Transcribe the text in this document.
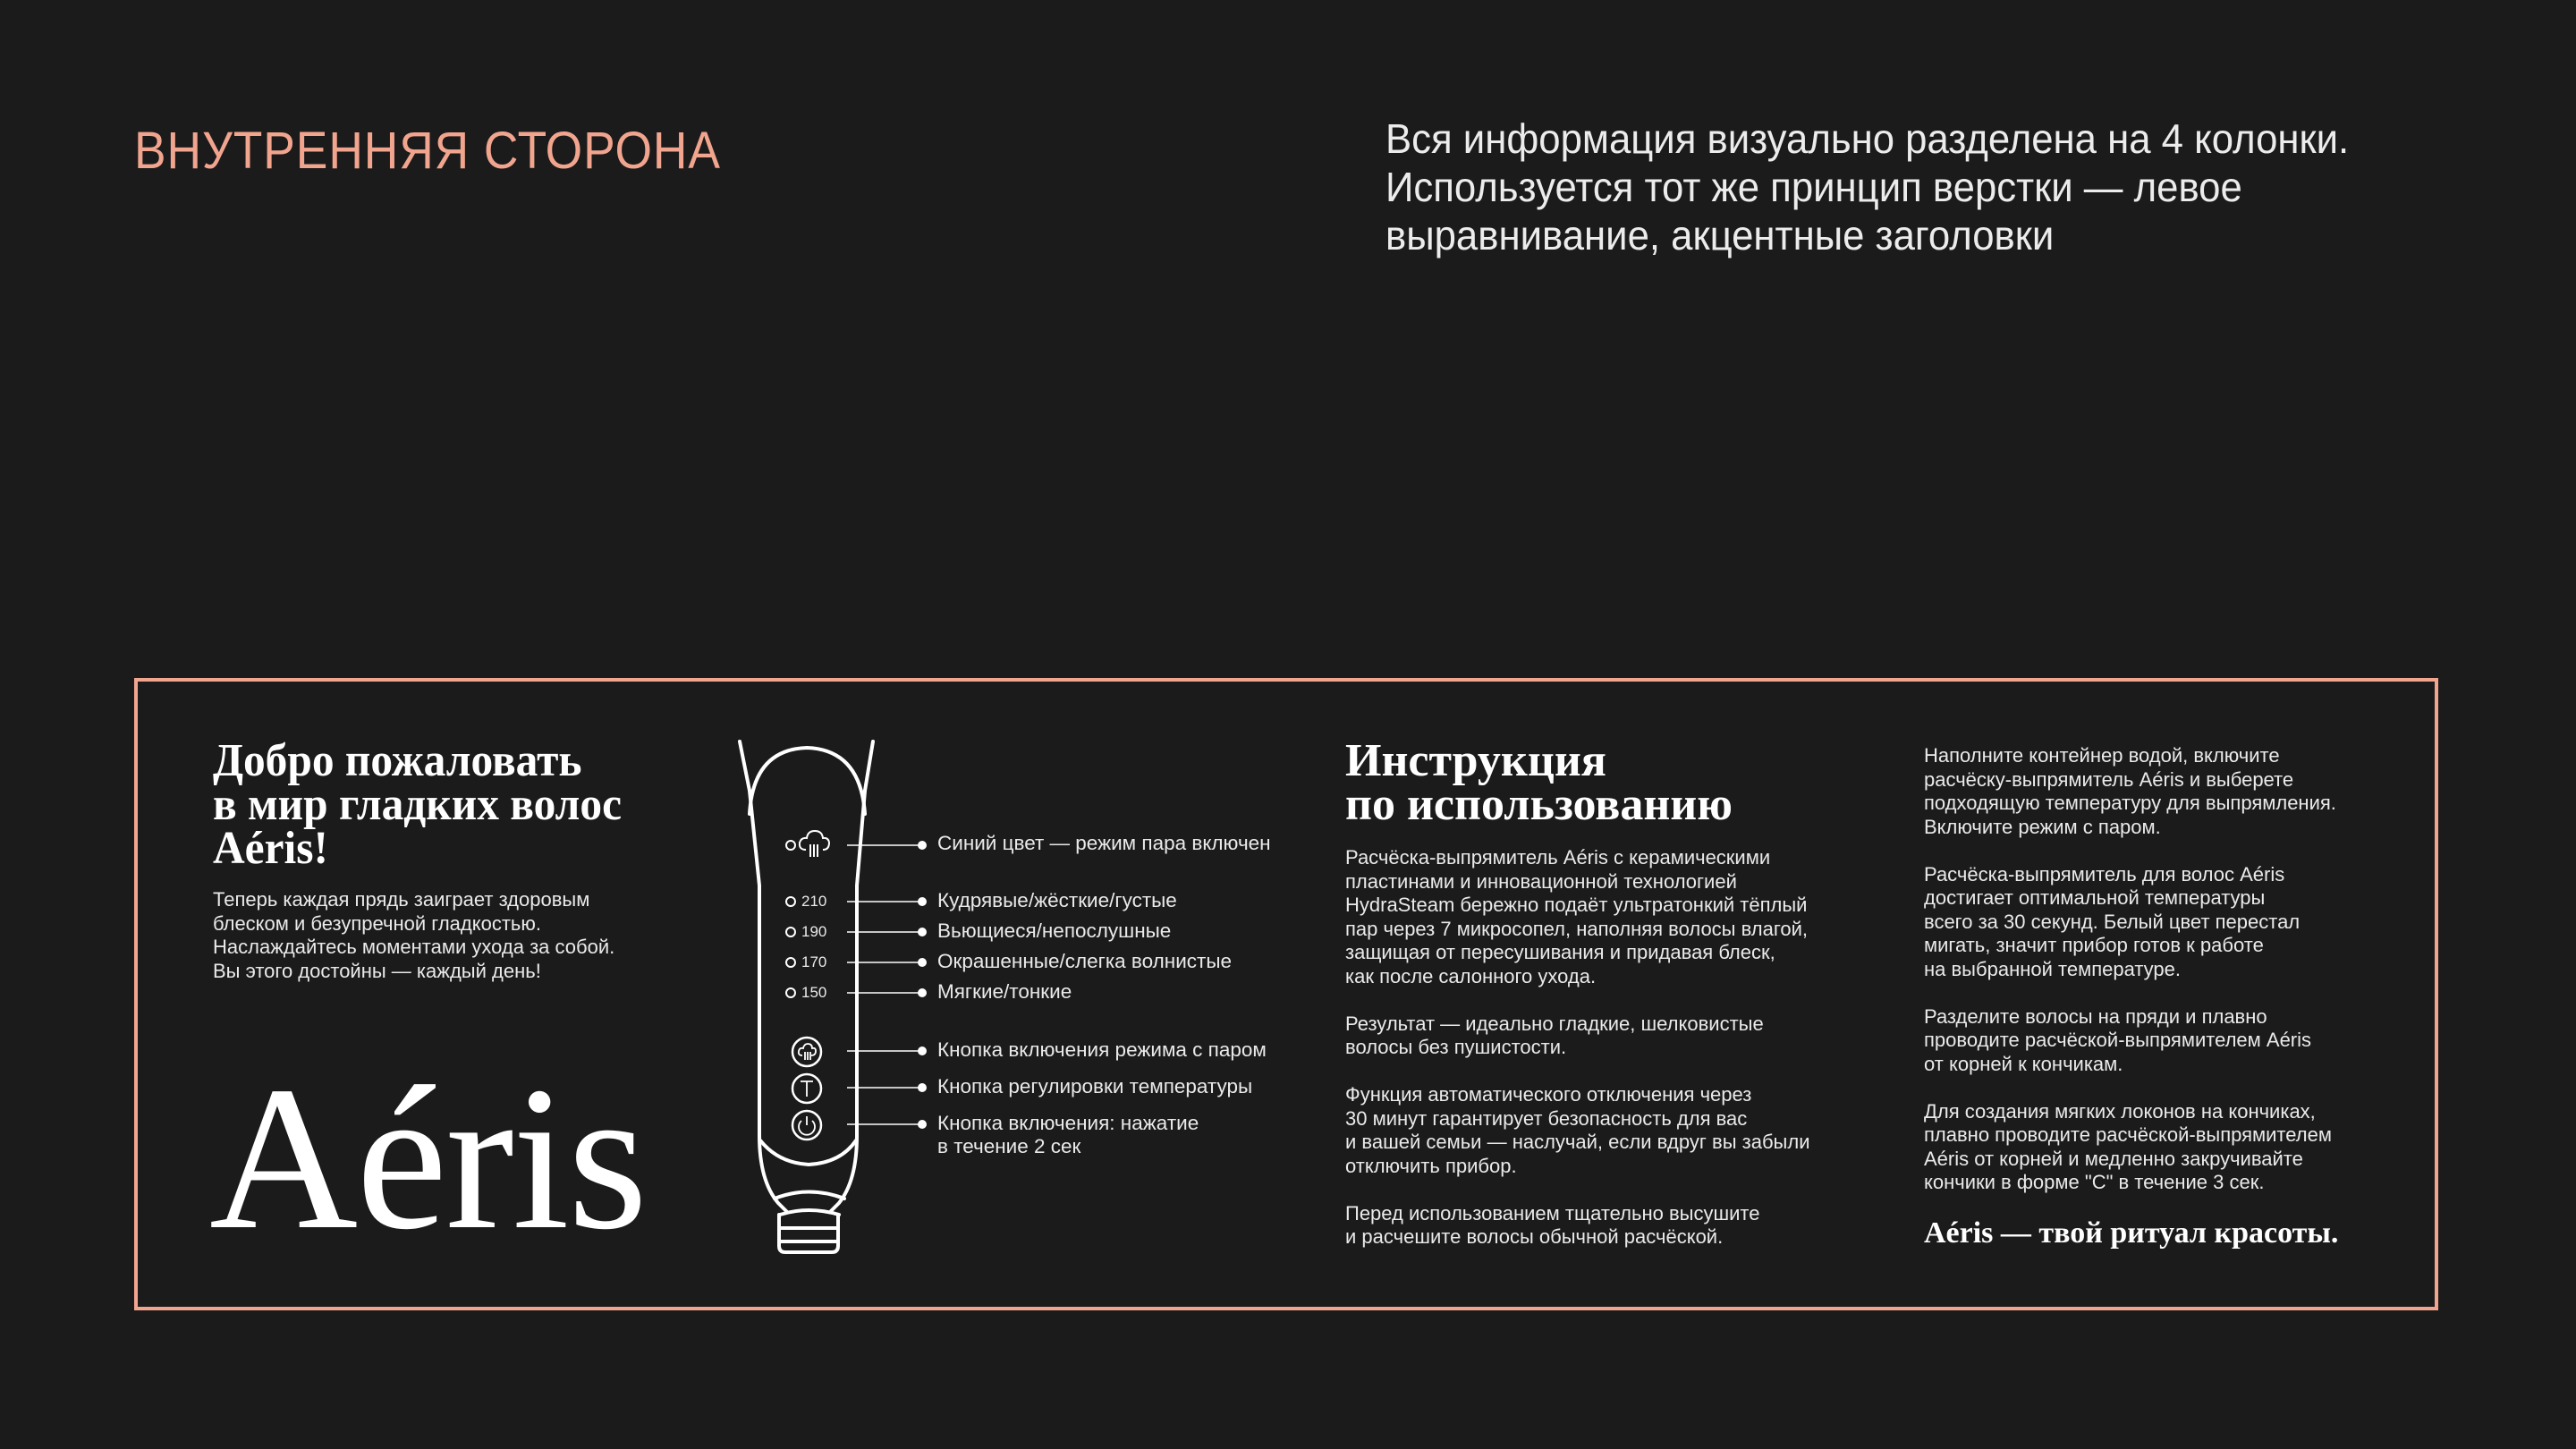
ВНУТРЕННЯЯ СТОРОНА	Вся информация визуально разделена на 4 колонки.
Используется тот же принцип верстки — левое
выравнивание, акцентные заголовки
Добро пожаловать
в мир гладких волос
Aéris!
Теперь каждая прядь заиграет здоровым
блеском и безупречной гладкостью.
Наслаждайтесь моментами ухода за собой.
Вы этого достойны — каждый день!
Aéris
210
190
170
150
Синий цвет — режим пара включен
Кудрявые/жёсткие/густые
Вьющиеся/непослушные
Окрашенные/слегка волнистые
Мягкие/тонкие
Кнопка включения режима с паром
Кнопка регулировки температуры
Кнопка включения: нажатие
в течение 2 сек
Инструкция
по использованию
Расчёска-выпрямитель Aéris с керамическими
пластинами и инновационной технологией
HydraSteam бережно подаёт ультратонкий тёплый
пар через 7 микросопел, наполняя волосы влагой,
защищая от пересушивания и придавая блеск,
как после салонного ухода.
Результат — идеально гладкие, шелковистые
волосы без пушистости.
Функция автоматического отключения через
30 минут гарантирует безопасность для вас
и вашей семьи — наслучай, если вдруг вы забыли
отключить прибор.
Перед использованием тщательно высушите
и расчешите волосы обычной расчёской.
Наполните контейнер водой, включите
расчёску-выпрямитель Aéris и выберете
подходящую температуру для выпрямления.
Включите режим с паром.
Расчёска-выпрямитель для волос Aéris
достигает оптимальной температуры
всего за 30 секунд. Белый цвет перестал
мигать, значит прибор готов к работе
на выбранной температуре.
Разделите волосы на пряди и плавно
проводите расчёской-выпрямителем Aéris
от корней к кончикам.
Для создания мягких локонов на кончиках,
плавно проводите расчёской-выпрямителем
Aéris от корней и медленно закручивайте
кончики в форме "С" в течение 3 сек.
Aéris — твой ритуал красоты.
